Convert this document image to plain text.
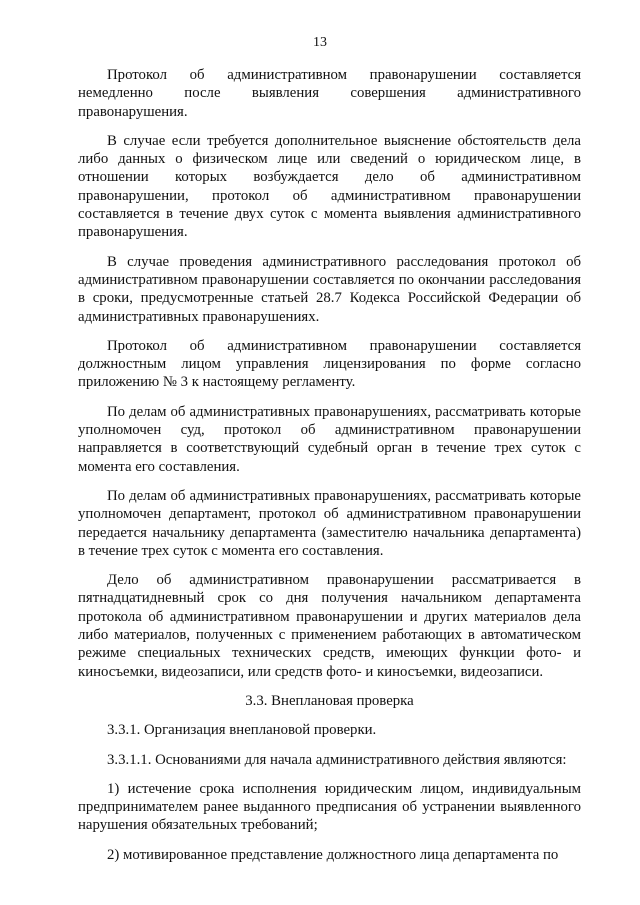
13

Протокол об административном правонарушении составляется немедленно после выявления совершения административного правонарушения.

В случае если требуется дополнительное выяснение обстоятельств дела либо данных о физическом лице или сведений о юридическом лице, в отношении которых возбуждается дело об административном правонарушении, протокол об административном правонарушении составляется в течение двух суток с момента выявления административного правонарушения.

В случае проведения административного расследования протокол об административном правонарушении составляется по окончании расследования в сроки, предусмотренные статьей 28.7 Кодекса Российской Федерации об административных правонарушениях.

Протокол об административном правонарушении составляется должностным лицом управления лицензирования по форме согласно приложению № 3 к настоящему регламенту.

По делам об административных правонарушениях, рассматривать которые уполномочен суд, протокол об административном правонарушении направляется в соответствующий судебный орган в течение трех суток с момента его составления.

По делам об административных правонарушениях, рассматривать которые уполномочен департамент, протокол об административном правонарушении передается начальнику департамента (заместителю начальника департамента) в течение трех суток с момента его составления.

Дело об административном правонарушении рассматривается в пятнадцатидневный срок со дня получения начальником департамента протокола об административном правонарушении и других материалов дела либо материалов, полученных с применением работающих в автоматическом режиме специальных технических средств, имеющих функции фото- и киносъемки, видеозаписи, или средств фото- и киносъемки, видеозаписи.

3.3. Внеплановая проверка

3.3.1. Организация внеплановой проверки.

3.3.1.1. Основаниями для начала административного действия являются:

1) истечение срока исполнения юридическим лицом, индивидуальным предпринимателем ранее выданного предписания об устранении выявленного нарушения обязательных требований;

2) мотивированное представление должностного лица департамента по
